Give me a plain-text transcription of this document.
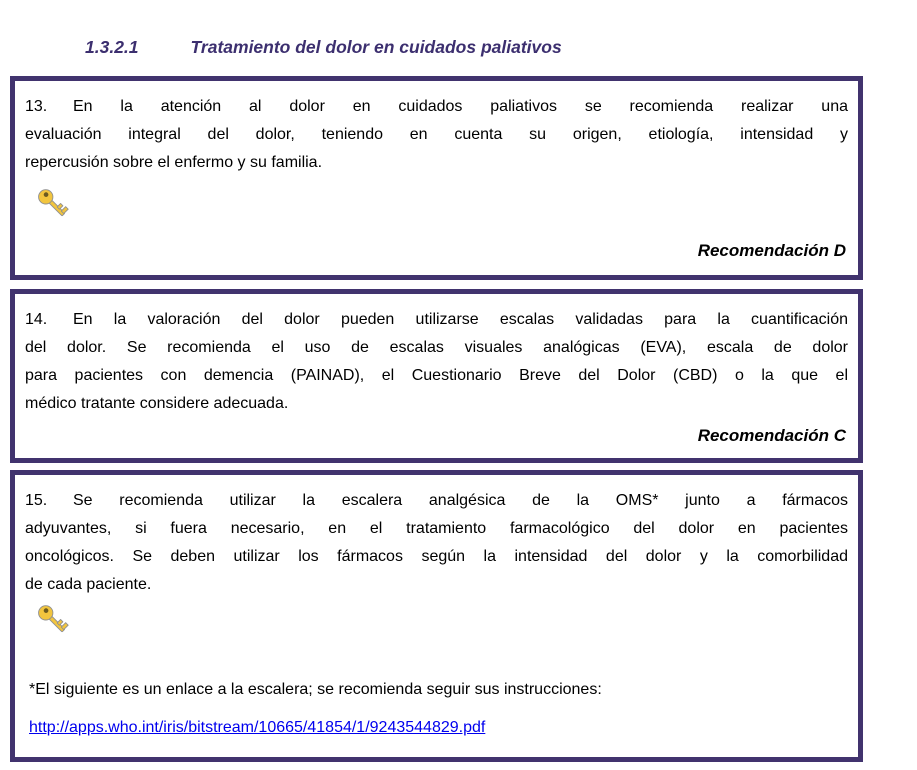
1.3.2.1	Tratamiento del dolor en cuidados paliativos
13. En la atención al dolor en cuidados paliativos se recomienda realizar una
evaluación integral del dolor, teniendo en cuenta su origen, etiología, intensidad y
repercusión sobre el enfermo y su familia.
Recomendación D
14. En la valoración del dolor pueden utilizarse escalas validadas para la cuantificación
del dolor. Se recomienda el uso de escalas visuales analógicas (EVA), escala de dolor
para pacientes con demencia (PAINAD), el Cuestionario Breve del Dolor (CBD) o la que el
médico tratante considere adecuada.
Recomendación C
15. Se recomienda utilizar la escalera analgésica de la OMS* junto a fármacos
adyuvantes, si fuera necesario, en el tratamiento farmacológico del dolor en pacientes
oncológicos. Se deben utilizar los fármacos según la intensidad del dolor y la comorbilidad
de cada paciente.
*El siguiente es un enlace a la escalera; se recomienda seguir sus instrucciones:
http://apps.who.int/iris/bitstream/10665/41854/1/9243544829.pdf
